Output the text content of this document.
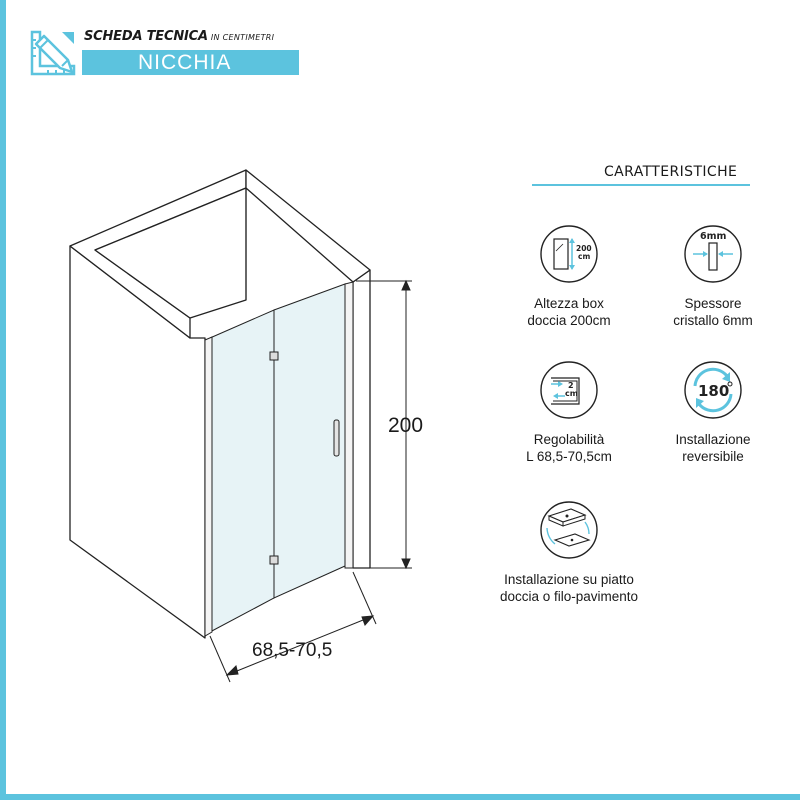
SCHEDA TECNICA IN CENTIMETRI
NICCHIA
200
68,5-70,5
CARATTERISTICHE
200
cm
Altezza box
doccia 200cm
6mm
Spessore
cristallo 6mm
2
cm
Regolabilità
L 68,5-70,5cm
180
Installazione
reversibile
Installazione su piatto
doccia o filo-pavimento
